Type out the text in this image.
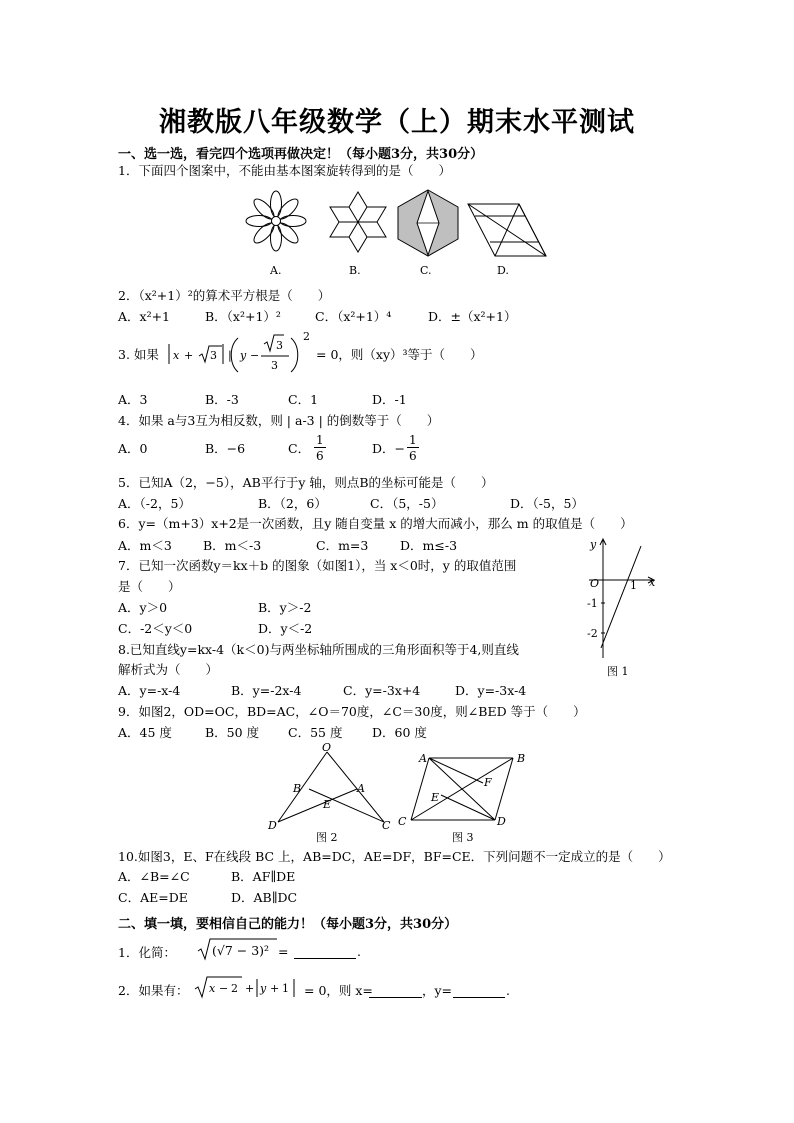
湘教版八年级数学（上）期末水平测试
一、选一选，看完四个选项再做决定！（每小题3分，共30分）
1．下面四个图案中，不能由基本图案旋转得到的是（　　）
A.	B.	C.	D.
2．（x²+1）²的算术平方根是（　　）
A．x²+1	B．（x²+1）²	C．（x²+1）⁴	D．±（x²+1）
3. 如果 x + 3 | y −
3
3
2
= 0，则（xy）³等于（　　）
A．3	B．-3	C．1	D．-1
4．如果 a与3互为相反数，则 | a-3 | 的倒数等于（　　）
A．0	B．−6	C． $\frac{1}{6}$	D．− $\frac{1}{6}$
5．已知A（2，−5），AB平行于y 轴，则点B的坐标可能是（　　）
A．（-2，5）	B．（2，6）	C．（5，-5）	D．（-5，5）
6．y=（m+3）x+2是一次函数，且y 随自变量 x 的增大而减小，那么 m 的取值是（　　）
A．m＜3 B．m＜-3	C．m=3	D．m≤-3
7．已知一次函数y＝kx＋b 的图象（如图1），当 x＜0时，y 的取值范围
是（　　）
A．y＞0	B．y＞-2
C．-2＜y＜0	D．y＜-2
y
x
O	1
-1
-2
图 1
8.已知直线y=kx-4（k＜0)与两坐标轴所围成的三角形面积等于4,则直线
解析式为（　　）
A．y=-x-4	B．y=-2x-4	C．y=-3x+4	D．y=-3x-4
9．如图2，OD=OC，BD=AC，∠O＝70度，∠C＝30度，则∠BED 等于（　　）
A．45 度	B．50 度 C．55 度 D．60 度
O
B	A
E
D	C
图 2
A	B
F
E
C	D
图 3
10.如图3，E、F在线段 BC 上，AB=DC，AE=DF，BF=CE．下列问题不一定成立的是（　　）
A．∠B=∠C	B．AF∥DE
C．AE=DE	D．AB∥DC
二、填一填，要相信自己的能力！（每小题3分，共30分）
1．化简：	(√7 − 3)² =	.
2．如果有： x − 2 + y + 1 = 0，则 x=	，y=	.
